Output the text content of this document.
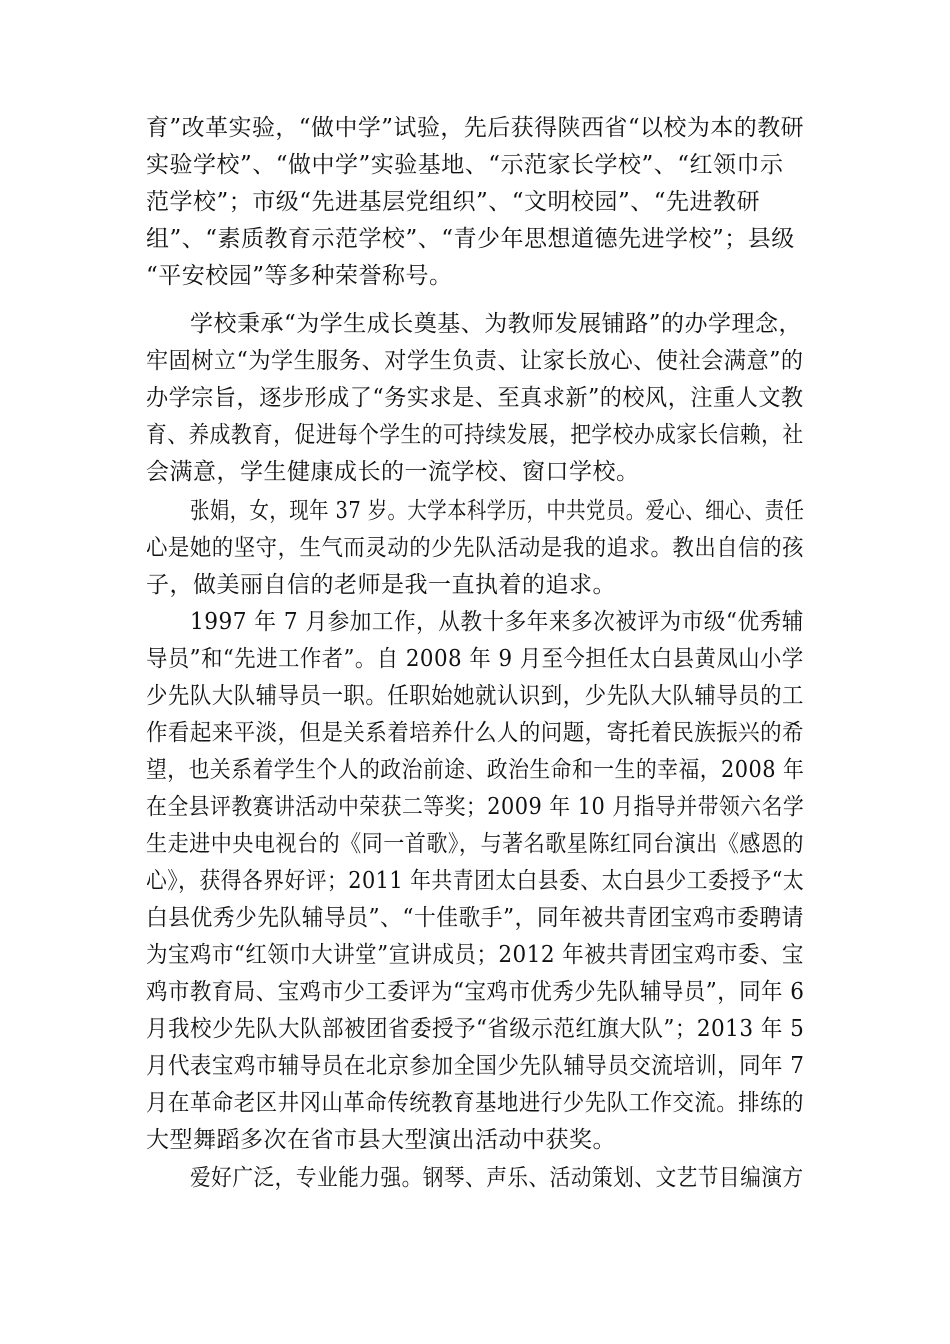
育”改革实验，“做中学”试验，先后获得陕西省“以校为本的教研
实验学校”、“做中学”实验基地、“示范家长学校”、“红领巾示
范学校”；市级“先进基层党组织”、“文明校园”、“先进教研
组”、“素质教育示范学校”、“青少年思想道德先进学校”；县级
“平安校园”等多种荣誉称号。
学校秉承“为学生成长奠基、为教师发展铺路”的办学理念，
牢固树立“为学生服务、对学生负责、让家长放心、使社会满意”的
办学宗旨，逐步形成了“务实求是、至真求新”的校风，注重人文教
育、养成教育，促进每个学生的可持续发展，把学校办成家长信赖，社
会满意，学生健康成长的一流学校、窗口学校。
张娟，女，现年 37 岁。大学本科学历，中共党员。爱心、细心、责任
心是她的坚守，生气而灵动的少先队活动是我的追求。教出自信的孩
子，做美丽自信的老师是我一直执着的追求。
1997 年 7 月参加工作，从教十多年来多次被评为市级“优秀辅
导员”和“先进工作者”。自 2008 年 9 月至今担任太白县黄凤山小学
少先队大队辅导员一职。任职始她就认识到，少先队大队辅导员的工
作看起来平淡，但是关系着培养什么人的问题，寄托着民族振兴的希
望，也关系着学生个人的政治前途、政治生命和一生的幸福，2008 年
在全县评教赛讲活动中荣获二等奖；2009 年 10 月指导并带领六名学
生走进中央电视台的《同一首歌》，与著名歌星陈红同台演出《感恩的
心》，获得各界好评；2011 年共青团太白县委、太白县少工委授予“太
白县优秀少先队辅导员”、“十佳歌手”，同年被共青团宝鸡市委聘请
为宝鸡市“红领巾大讲堂”宣讲成员；2012 年被共青团宝鸡市委、宝
鸡市教育局、宝鸡市少工委评为“宝鸡市优秀少先队辅导员”，同年 6
月我校少先队大队部被团省委授予“省级示范红旗大队”；2013 年 5
月代表宝鸡市辅导员在北京参加全国少先队辅导员交流培训，同年 7
月在革命老区井冈山革命传统教育基地进行少先队工作交流。排练的
大型舞蹈多次在省市县大型演出活动中获奖。
爱好广泛，专业能力强。钢琴、声乐、活动策划、文艺节目编演方
